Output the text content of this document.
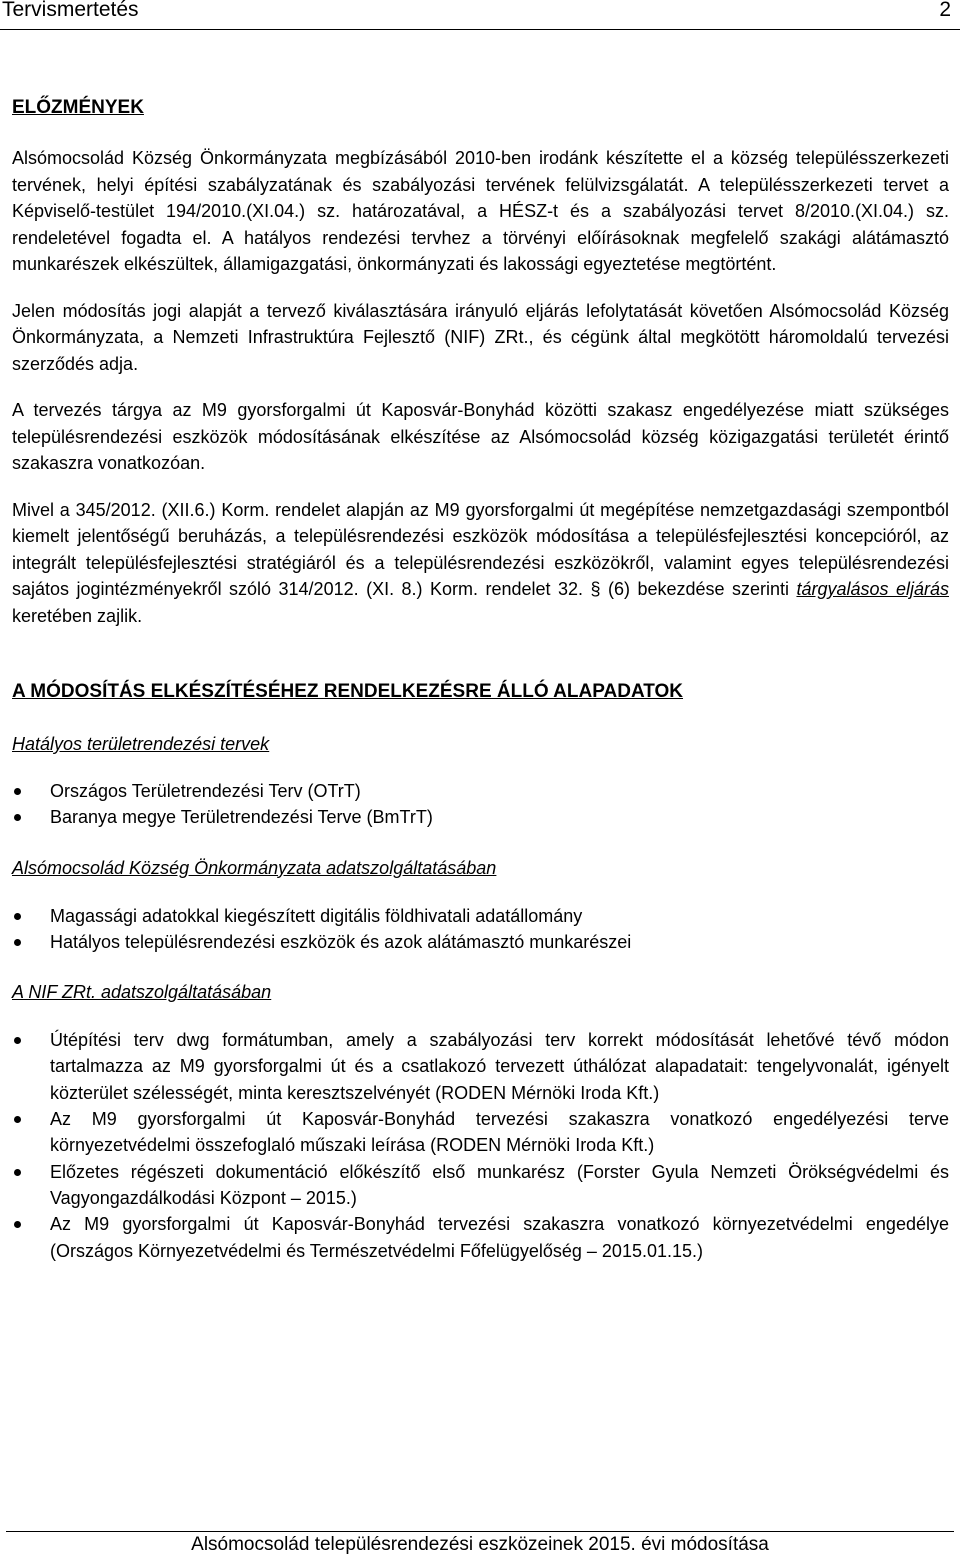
Tervismertetés	2
ELŐZMÉNYEK

Alsómocsolád Község Önkormányzata megbízásából 2010-ben irodánk készítette el a község településszerkezeti tervének, helyi építési szabályzatának és szabályozási tervének felülvizsgálatát. A településszerkezeti tervet a Képviselő-testület 194/2010.(XI.04.) sz. határozatával, a HÉSZ-t és a szabályozási tervet 8/2010.(XI.04.) sz. rendeletével fogadta el. A hatályos rendezési tervhez a törvényi előírásoknak megfelelő szakági alátámasztó munkarészek elkészültek, államigazgatási, önkormányzati és lakossági egyeztetése megtörtént.

Jelen módosítás jogi alapját a tervező kiválasztására irányuló eljárás lefolytatását követően Alsómocsolád Község Önkormányzata, a Nemzeti Infrastruktúra Fejlesztő (NIF) ZRt., és cégünk által megkötött háromoldalú tervezési szerződés adja.

A tervezés tárgya az M9 gyorsforgalmi út Kaposvár-Bonyhád közötti szakasz engedélyezése miatt szükséges településrendezési eszközök módosításának elkészítése az Alsómocsolád község közigazgatási területét érintő szakaszra vonatkozóan.

Mivel a 345/2012. (XII.6.) Korm. rendelet alapján az M9 gyorsforgalmi út megépítése nemzetgazdasági szempontból kiemelt jelentőségű beruházás, a településrendezési eszközök módosítása a településfejlesztési koncepcióról, az integrált településfejlesztési stratégiáról és a településrendezési eszközökről, valamint egyes településrendezési sajátos jogintézményekről szóló 314/2012. (XI. 8.) Korm. rendelet 32. § (6) bekezdése szerinti tárgyalásos eljárás keretében zajlik.

A MÓDOSÍTÁS ELKÉSZÍTÉSÉHEZ RENDELKEZÉSRE ÁLLÓ ALAPADATOK
Hatályos területrendezési tervek
Országos Területrendezési Terv (OTrT)
Baranya megye Területrendezési Terve (BmTrT)
Alsómocsolád Község Önkormányzata adatszolgáltatásában
Magassági adatokkal kiegészített digitális földhivatali adatállomány
Hatályos településrendezési eszközök és azok alátámasztó munkarészei
A NIF ZRt. adatszolgáltatásában
Útépítési terv dwg formátumban, amely a szabályozási terv korrekt módosítását lehetővé tévő módon tartalmazza az M9 gyorsforgalmi út és a csatlakozó tervezett úthálózat alapadatait: tengelyvonalát, igényelt közterület szélességét, minta keresztszelvényét (RODEN Mérnöki Iroda Kft.)
Az M9 gyorsforgalmi út Kaposvár-Bonyhád tervezési szakaszra vonatkozó engedélyezési terve környezetvédelmi összefoglaló műszaki leírása (RODEN Mérnöki Iroda Kft.)
Előzetes régészeti dokumentáció előkészítő első munkarész (Forster Gyula Nemzeti Örökségvédelmi és Vagyongazdálkodási Központ – 2015.)
Az M9 gyorsforgalmi út Kaposvár-Bonyhád tervezési szakaszra vonatkozó környezetvédelmi engedélye (Országos Környezetvédelmi és Természetvédelmi Főfelügyelőség – 2015.01.15.)
Alsómocsolád településrendezési eszközeinek 2015. évi módosítása
